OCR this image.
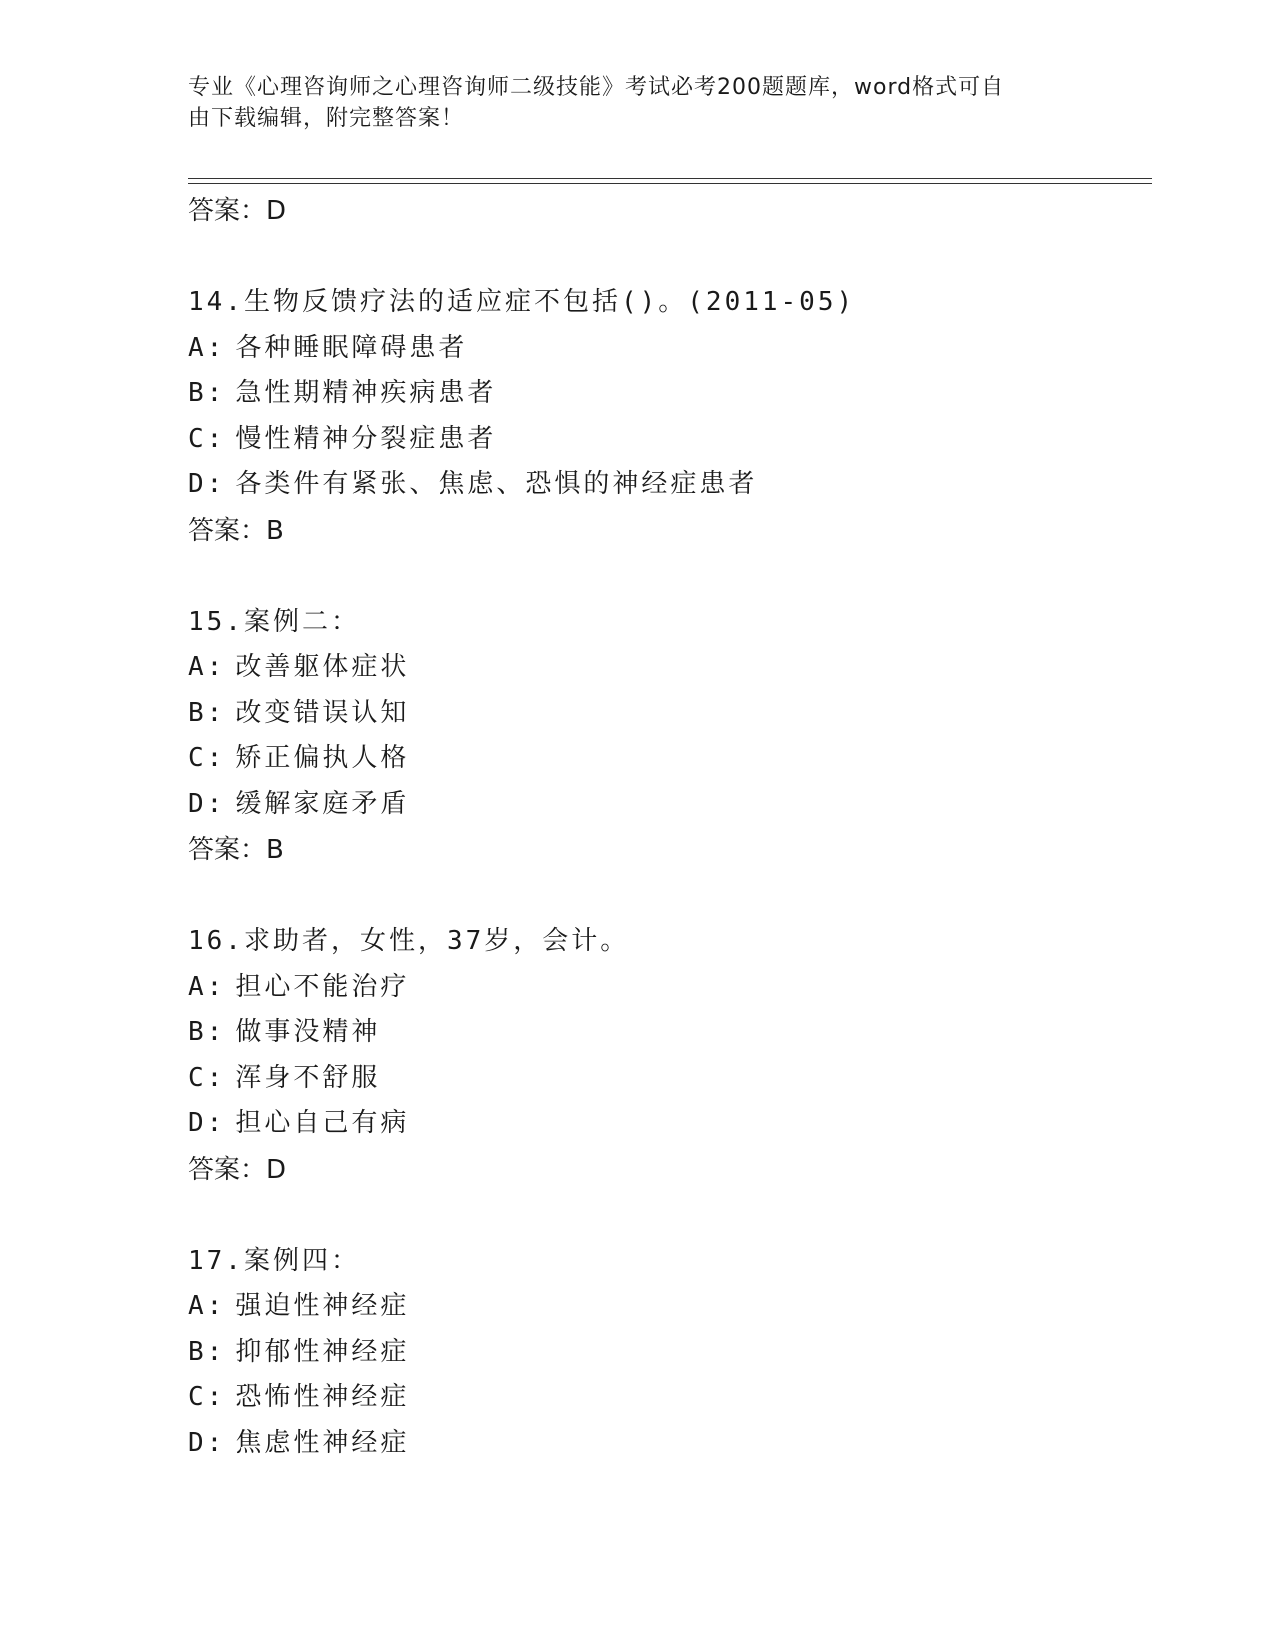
专业《心理咨询师之心理咨询师二级技能》考试必考200题题库，word格式可自
由下载编辑，附完整答案！
答案：D
14.生物反馈疗法的适应症不包括()。(2011-05)
A: 各种睡眠障碍患者
B: 急性期精神疾病患者
C: 慢性精神分裂症患者
D: 各类件有紧张、焦虑、恐惧的神经症患者
答案：B
15.案例二：
A: 改善躯体症状
B: 改变错误认知
C: 矫正偏执人格
D: 缓解家庭矛盾
答案：B
16.求助者，女性，37岁，会计。
A: 担心不能治疗
B: 做事没精神
C: 浑身不舒服
D: 担心自己有病
答案：D
17.案例四：
A: 强迫性神经症
B: 抑郁性神经症
C: 恐怖性神经症
D: 焦虑性神经症
